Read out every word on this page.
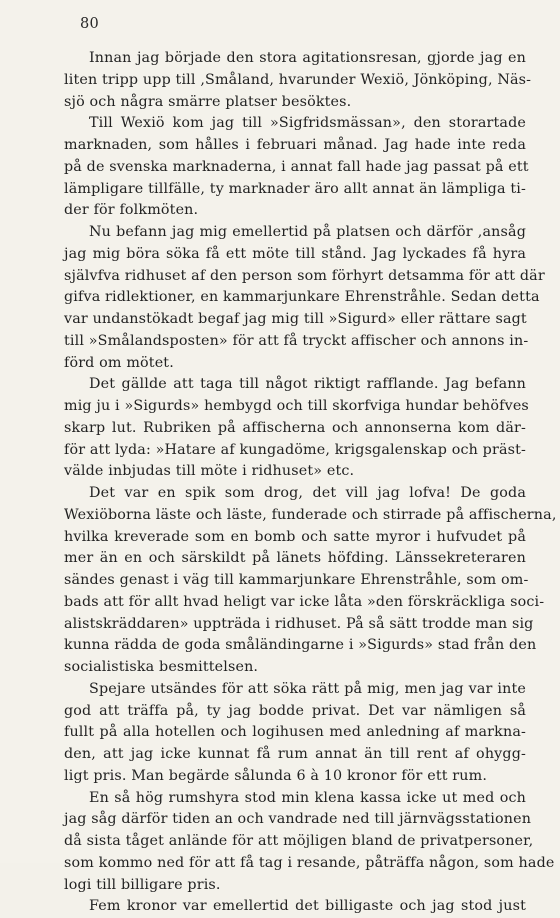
80
Innan jag började den stora agitationsresan, gjorde jag en
liten tripp upp till ,Småland, hvarunder Wexiö, Jönköping, Näs-
sjö och några smärre platser besöktes.
Till Wexiö kom jag till »Sigfridsmässan», den storartade
marknaden, som hålles i februari månad. Jag hade inte reda
på de svenska marknaderna, i annat fall hade jag passat på ett
lämpligare tillfälle, ty marknader äro allt annat än lämpliga ti-
der för folkmöten.
Nu befann jag mig emellertid på platsen och därför ,ansåg
jag mig böra söka få ett möte till stånd. Jag lyckades få hyra
självfva ridhuset af den person som förhyrt detsamma för att där
gifva ridlektioner, en kammarjunkare Ehrenstråhle. Sedan detta
var undanstökadt begaf jag mig till »Sigurd» eller rättare sagt
till »Smålandsposten» för att få tryckt affischer och annons in-
förd om mötet.
Det gällde att taga till något riktigt rafflande. Jag befann
mig ju i »Sigurds» hembygd och till skorfviga hundar behöfves
skarp lut. Rubriken på affischerna och annonserna kom där-
för att lyda: »Hatare af kungadöme, krigsgalenskap och präst-
välde inbjudas till möte i ridhuset» etc.
Det var en spik som drog, det vill jag lofva! De goda
Wexiöborna läste och läste, funderade och stirrade på affischerna,
hvilka kreverade som en bomb och satte myror i hufvudet på
mer än en och särskildt på länets höfding. Länssekreteraren
sändes genast i väg till kammarjunkare Ehrenstråhle, som om-
bads att för allt hvad heligt var icke låta »den förskräckliga soci-
alistskräddaren» uppträda i ridhuset. På så sätt trodde man sig
kunna rädda de goda småländingarne i »Sigurds» stad från den
socialistiska besmittelsen.
Spejare utsändes för att söka rätt på mig, men jag var inte
god att träffa på, ty jag bodde privat. Det var nämligen så
fullt på alla hotellen och logihusen med anledning af markna-
den, att jag icke kunnat få rum annat än till rent af ohygg-
ligt pris. Man begärde sålunda 6 à 10 kronor för ett rum.
En så hög rumshyra stod min klena kassa icke ut med och
jag såg därför tiden an och vandrade ned till järnvägsstationen
då sista tåget anlände för att möjligen bland de privatpersoner,
som kommo ned för att få tag i resande, påträffa någon, som hade
logi till billigare pris.
Fem kronor var emellertid det billigaste och jag stod just
